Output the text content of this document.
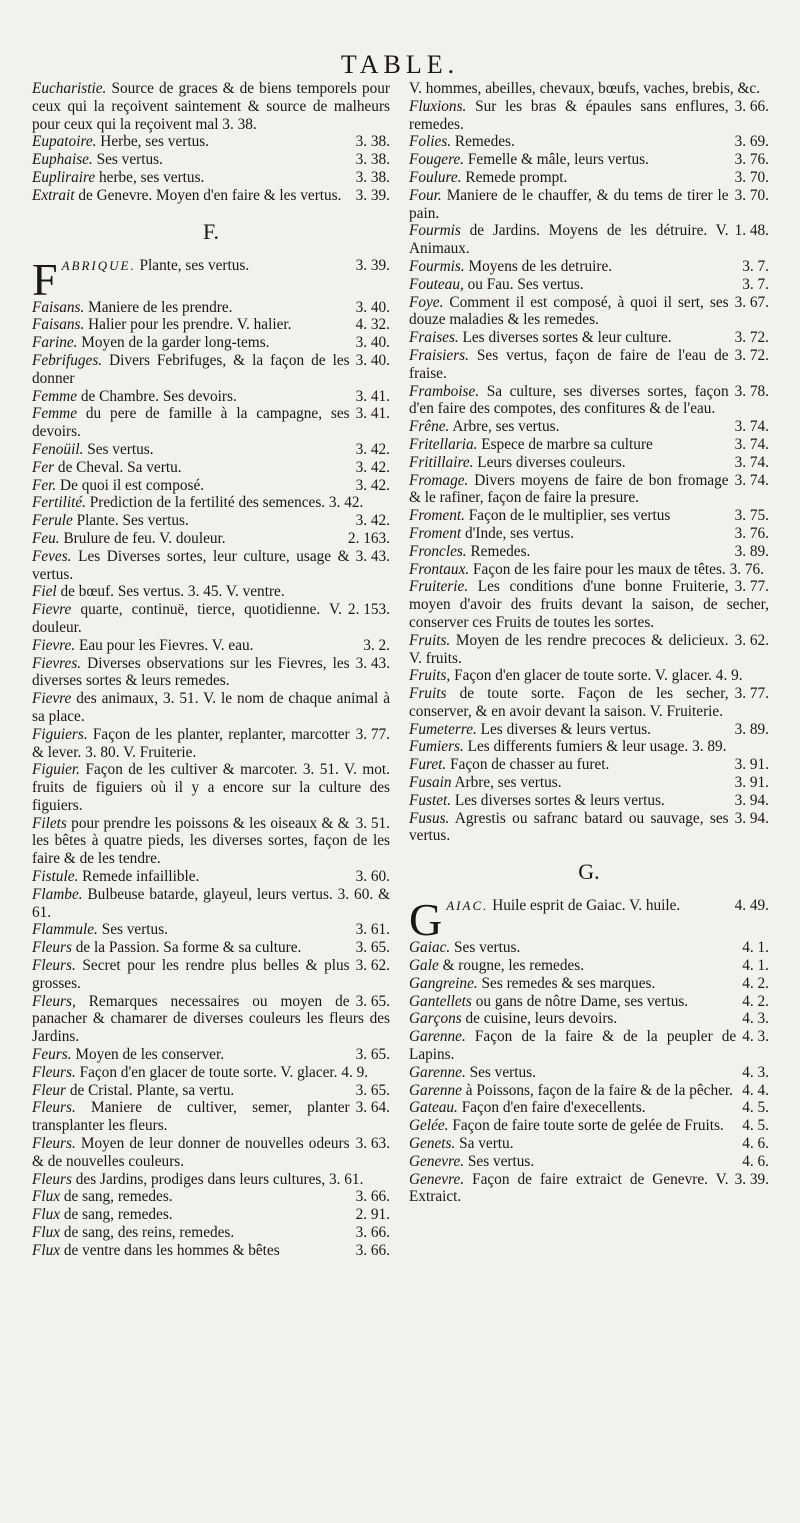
TABLE.

Eucharistie. Source de graces & de biens temporels pour ceux qui la reçoivent saintement & source de malheurs pour ceux qui la reçoivent mal 3. 38.

3. 38.
Eupatoire. Herbe, ses vertus.

3. 38.
Euphaise. Ses vertus.

3. 38.
Eupliraire herbe, ses vertus.

3. 39.
Extrait de Genevre. Moyen d'en faire & les vertus.

F.

3. 39.
F ABRIQUE. Plante, ses vertus.

3. 40.
Faisans. Maniere de les prendre.

4. 32.
Faisans. Halier pour les prendre. V. halier.

3. 40.
Farine. Moyen de la garder long-tems.

3. 40.
Febrifuges. Divers Febrifuges, & la façon de les donner

3. 41.
Femme de Chambre. Ses devoirs.

3. 41.
Femme du pere de famille à la campagne, ses devoirs.

3. 42.
Fenoüil. Ses vertus.

3. 42.
Fer de Cheval. Sa vertu.

3. 42.
Fer. De quoi il est composé.

Fertilité. Prediction de la fertilité des semences. 3. 42.

3. 42.
Ferule Plante. Ses vertus.

2. 163.
Feu. Brulure de feu. V. douleur.

3. 43.
Feves. Les Diverses sortes, leur culture, usage & vertus.

Fiel de bœuf. Ses vertus. 3. 45. V. ventre.

2. 153.
Fievre quarte, continuë, tierce, quotidienne. V. douleur.

3. 2.
Fievre. Eau pour les Fievres. V. eau.

3. 43.
Fievres. Diverses observations sur les Fievres, les diverses sortes & leurs remedes.

Fievre des animaux, 3. 51. V. le nom de chaque animal à sa place.

3. 77.
Figuiers. Façon de les planter, replanter, marcotter & lever. 3. 80. V. Fruiterie.

Figuier. Façon de les cultiver & marcoter. 3. 51. V. mot. fruits de figuiers où il y a encore sur la culture des figuiers.

3. 51.
Filets pour prendre les poissons & les oiseaux & & les bêtes à quatre pieds, les diverses sortes, façon de les faire & de les tendre.

3. 60.
Fistule. Remede infaillible.

Flambe. Bulbeuse batarde, glayeul, leurs vertus. 3. 60. & 61.

3. 61.
Flammule. Ses vertus.

3. 65.
Fleurs de la Passion. Sa forme & sa culture.

3. 62.
Fleurs. Secret pour les rendre plus belles & plus grosses.

3. 65.
Fleurs, Remarques necessaires ou moyen de panacher & chamarer de diverses couleurs les fleurs des Jardins.

3. 65.
Feurs. Moyen de les conserver.

Fleurs. Façon d'en glacer de toute sorte. V. glacer. 4. 9.

3. 65.
Fleur de Cristal. Plante, sa vertu.

3. 64.
Fleurs. Maniere de cultiver, semer, planter transplanter les fleurs.

3. 63.
Fleurs. Moyen de leur donner de nouvelles odeurs & de nouvelles couleurs.

Fleurs des Jardins, prodiges dans leurs cultures, 3. 61.

3. 66.
Flux de sang, remedes.

2. 91.
Flux de sang, remedes.

3. 66.
Flux de sang, des reins, remedes.

3. 66.
Flux de ventre dans les hommes & bêtes

V. hommes, abeilles, chevaux, bœufs, vaches, brebis, &c.

3. 66.
Fluxions. Sur les bras & épaules sans enflures, remedes.

3. 69.
Folies. Remedes.

3. 76.
Fougere. Femelle & mâle, leurs vertus.

3. 70.
Foulure. Remede prompt.

3. 70.
Four. Maniere de le chauffer, & du tems de tirer le pain.

1. 48.
Fourmis de Jardins. Moyens de les détruire. V. Animaux.

3. 7.
Fourmis. Moyens de les detruire.

3. 7.
Fouteau, ou Fau. Ses vertus.

3. 67.
Foye. Comment il est composé, à quoi il sert, ses douze maladies & les remedes.

3. 72.
Fraises. Les diverses sortes & leur culture.

3. 72.
Fraisiers. Ses vertus, façon de faire de l'eau de fraise.

3. 78.
Framboise. Sa culture, ses diverses sortes, façon d'en faire des compotes, des confitures & de l'eau.

3. 74.
Frêne. Arbre, ses vertus.

3. 74.
Fritellaria. Espece de marbre sa culture

3. 74.
Fritillaire. Leurs diverses couleurs.

3. 74.
Fromage. Divers moyens de faire de bon fromage & le rafiner, façon de faire la presure.

3. 75.
Froment. Façon de le multiplier, ses vertus

3. 76.
Froment d'Inde, ses vertus.

3. 89.
Froncles. Remedes.

Frontaux. Façon de les faire pour les maux de têtes. 3. 76.

3. 77.
Fruiterie. Les conditions d'une bonne Fruiterie, moyen d'avoir des fruits devant la saison, de secher, conserver ces Fruits de toutes les sortes.

3. 62.
Fruits. Moyen de les rendre precoces & delicieux. V. fruits.

Fruits, Façon d'en glacer de toute sorte. V. glacer. 4. 9.

3. 77.
Fruits de toute sorte. Façon de les secher, conserver, & en avoir devant la saison. V. Fruiterie.

3. 89.
Fumeterre. Les diverses & leurs vertus.

Fumiers. Les differents fumiers & leur usage. 3. 89.

3. 91.
Furet. Façon de chasser au furet.

3. 91.
Fusain Arbre, ses vertus.

3. 94.
Fustet. Les diverses sortes & leurs vertus.

3. 94.
Fusus. Agrestis ou safranc batard ou sauvage, ses vertus.

G.

4. 49.
G AIAC. Huile esprit de Gaiac. V. huile.

4. 1.
Gaiac. Ses vertus.

4. 1.
Gale & rougne, les remedes.

4. 2.
Gangreine. Ses remedes & ses marques.

4. 2.
Gantellets ou gans de nôtre Dame, ses vertus.

4. 3.
Garçons de cuisine, leurs devoirs.

4. 3.
Garenne. Façon de la faire & de la peupler de Lapins.

4. 3.
Garenne. Ses vertus.

4. 4.
Garenne à Poissons, façon de la faire & de la pêcher.

4. 5.
Gateau. Façon d'en faire d'execellents.

4. 5.
Gelée. Façon de faire toute sorte de gelée de Fruits.

4. 6.
Genets. Sa vertu.

4. 6.
Genevre. Ses vertus.

3. 39.
Genevre. Façon de faire extraict de Genevre. V. Extraict.
